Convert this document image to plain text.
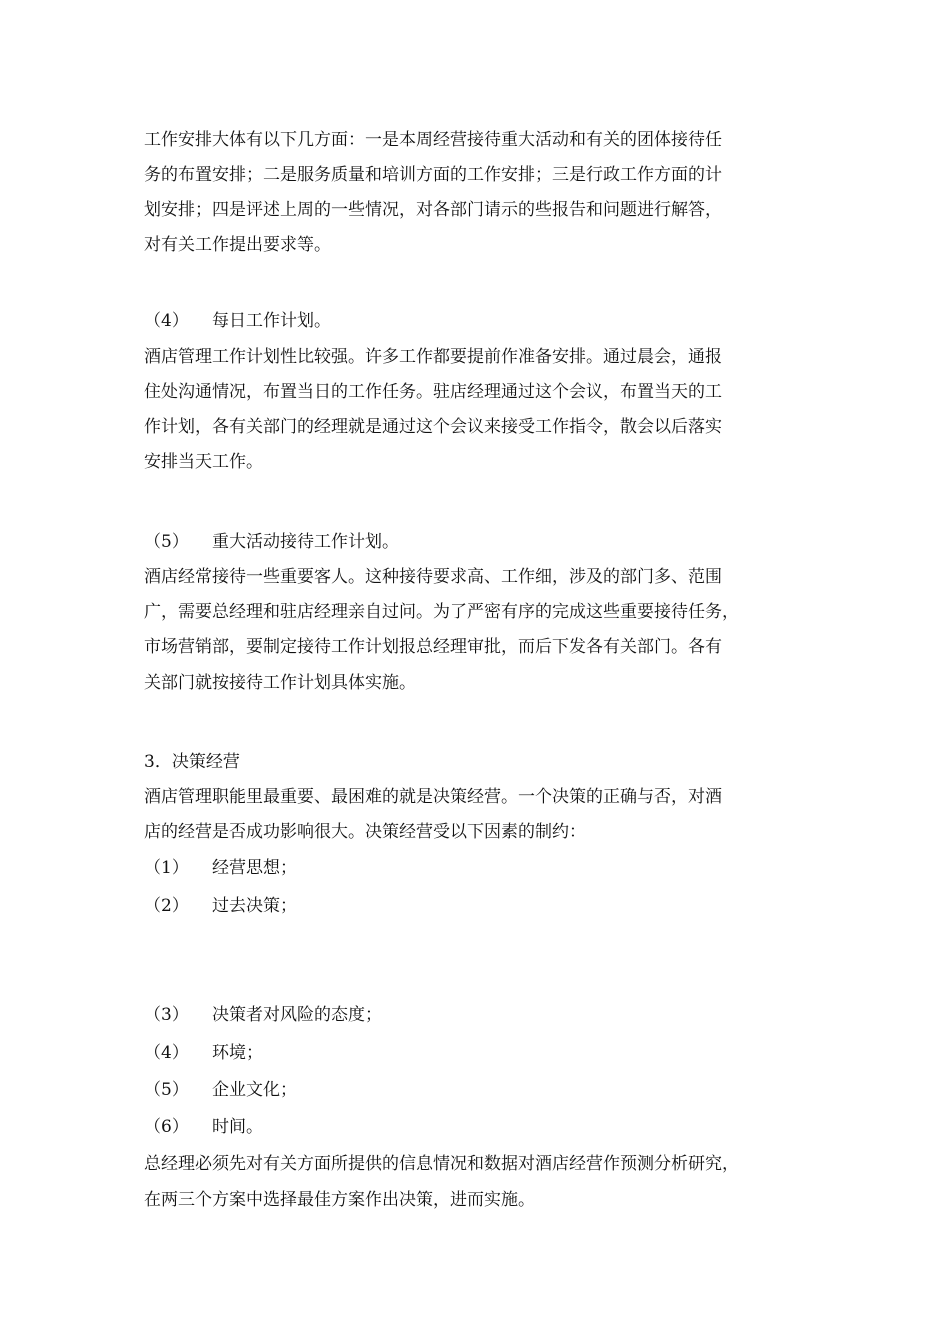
工作安排大体有以下几方面：一是本周经营接待重大活动和有关的团体接待任
务的布置安排；二是服务质量和培训方面的工作安排；三是行政工作方面的计
划安排；四是评述上周的一些情况，对各部门请示的些报告和问题进行解答，
对有关工作提出要求等。
（4） 每日工作计划。
酒店管理工作计划性比较强。许多工作都要提前作准备安排。通过晨会，通报
住处沟通情况，布置当日的工作任务。驻店经理通过这个会议，布置当天的工
作计划，各有关部门的经理就是通过这个会议来接受工作指令，散会以后落实
安排当天工作。
（5） 重大活动接待工作计划。
酒店经常接待一些重要客人。这种接待要求高、工作细，涉及的部门多、范围
广，需要总经理和驻店经理亲自过问。为了严密有序的完成这些重要接待任务，
市场营销部，要制定接待工作计划报总经理审批，而后下发各有关部门。各有
关部门就按接待工作计划具体实施。
3．决策经营
酒店管理职能里最重要、最困难的就是决策经营。一个决策的正确与否，对酒
店的经营是否成功影响很大。决策经营受以下因素的制约：
（1） 经营思想；
（2） 过去决策；
（3） 决策者对风险的态度；
（4） 环境；
（5） 企业文化；
（6） 时间。
总经理必须先对有关方面所提供的信息情况和数据对酒店经营作预测分析研究，
在两三个方案中选择最佳方案作出决策，进而实施。
